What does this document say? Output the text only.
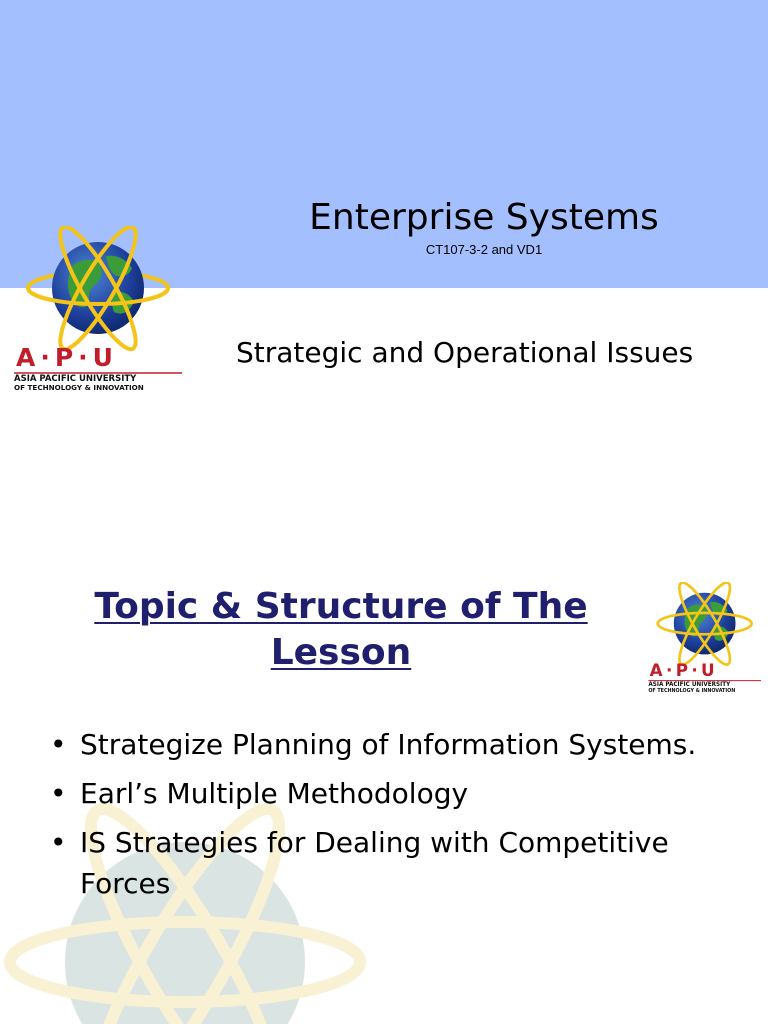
A·P·U
ASIA PACIFIC UNIVERSITY
OF TECHNOLOGY & INNOVATION
Enterprise Systems
CT107-3-2 and VD1
Strategic and Operational Issues
Topic & Structure of The
Lesson	A·P·U
ASIA PACIFIC UNIVERSITY
OF TECHNOLOGY & INNOVATION
• Strategize Planning of Information Systems.
• Earl’s Multiple Methodology
• IS Strategies for Dealing with Competitive Forces
